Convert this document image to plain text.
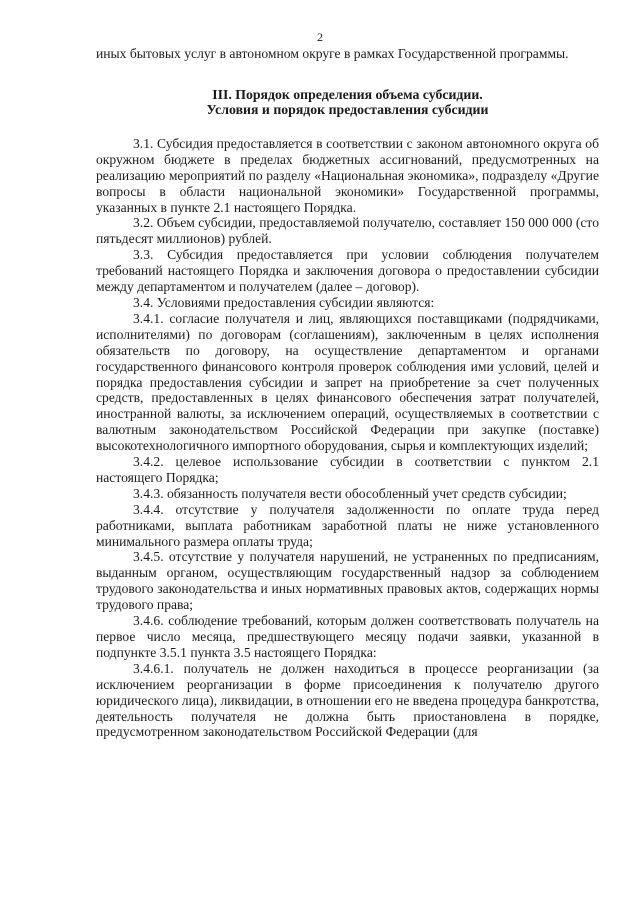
2

иных бытовых услуг в автономном округе в рамках Государственной программы.

III. Порядок определения объема субсидии.
Условия и порядок предоставления субсидии

3.1. Субсидия предоставляется в соответствии с законом автономного округа об окружном бюджете в пределах бюджетных ассигнований, предусмотренных на реализацию мероприятий по разделу «Национальная экономика», подразделу «Другие вопросы в области национальной экономики» Государственной программы, указанных в пункте 2.1 настоящего Порядка.

3.2. Объем субсидии, предоставляемой получателю, составляет 150 000 000 (сто пятьдесят миллионов) рублей.

3.3. Субсидия предоставляется при условии соблюдения получателем требований настоящего Порядка и заключения договора о предоставлении субсидии между департаментом и получателем (далее – договор).

3.4. Условиями предоставления субсидии являются:

3.4.1. согласие получателя и лиц, являющихся поставщиками (подрядчиками, исполнителями) по договорам (соглашениям), заключенным в целях исполнения обязательств по договору, на осуществление департаментом и органами государственного финансового контроля проверок соблюдения ими условий, целей и порядка предоставления субсидии и запрет на приобретение за счет полученных средств, предоставленных в целях финансового обеспечения затрат получателей, иностранной валюты, за исключением операций, осуществляемых в соответствии с валютным законодательством Российской Федерации при закупке (поставке) высокотехнологичного импортного оборудования, сырья и комплектующих изделий;

3.4.2. целевое использование субсидии в соответствии с пунктом 2.1 настоящего Порядка;

3.4.3. обязанность получателя вести обособленный учет средств субсидии;

3.4.4. отсутствие у получателя задолженности по оплате труда перед работниками, выплата работникам заработной платы не ниже установленного минимального размера оплаты труда;

3.4.5. отсутствие у получателя нарушений, не устраненных по предписаниям, выданным органом, осуществляющим государственный надзор за соблюдением трудового законодательства и иных нормативных правовых актов, содержащих нормы трудового права;

3.4.6. соблюдение требований, которым должен соответствовать получатель на первое число месяца, предшествующего месяцу подачи заявки, указанной в подпункте 3.5.1 пункта 3.5 настоящего Порядка:

3.4.6.1. получатель не должен находиться в процессе реорганизации (за исключением реорганизации в форме присоединения к получателю другого юридического лица), ликвидации, в отношении его не введена процедура банкротства, деятельность получателя не должна быть приостановлена в порядке, предусмотренном законодательством Российской Федерации (для
